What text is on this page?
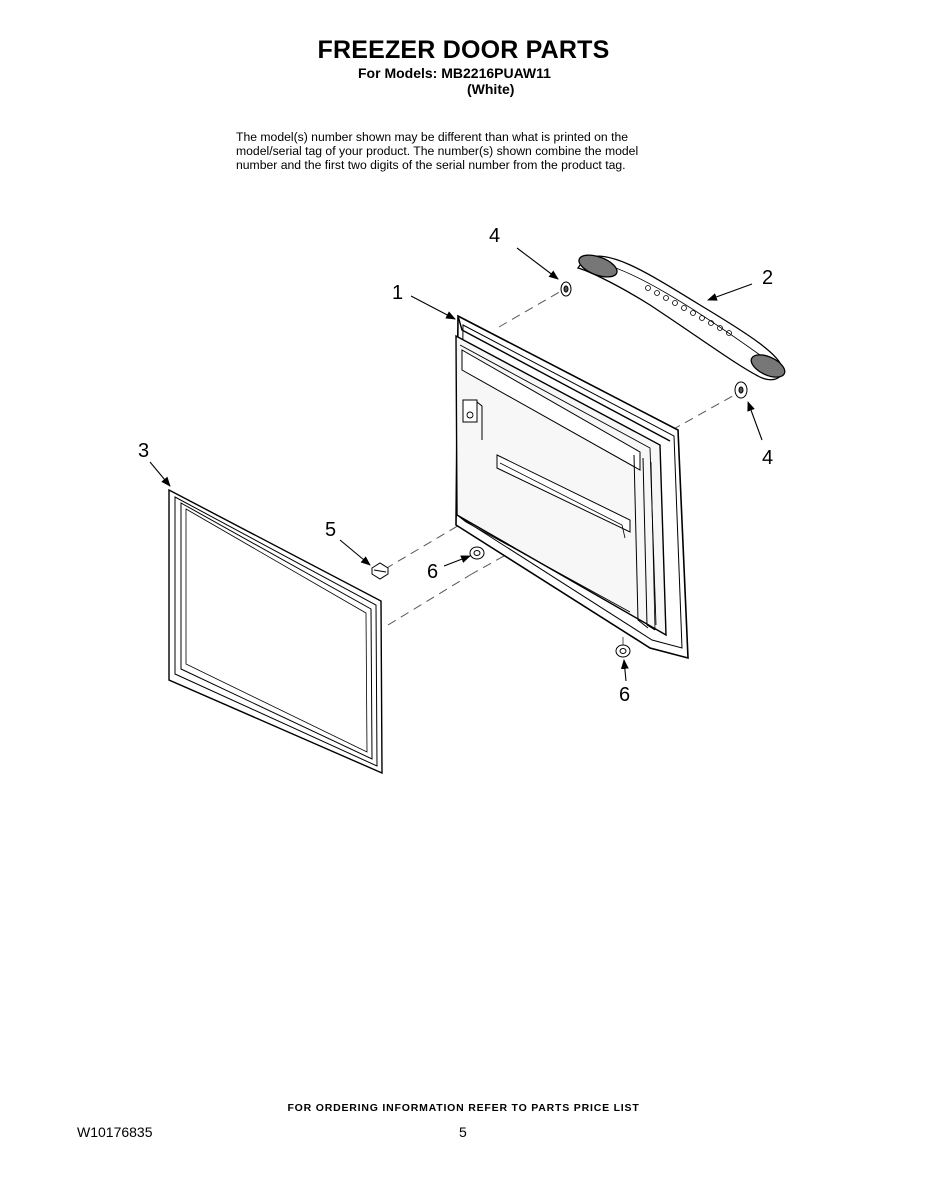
FREEZER DOOR PARTS
For Models: MB2216PUAW11
(White)
The model(s) number shown may be different than what is printed on the
model/serial tag of your product. The number(s) shown combine the model
number and the first two digits of the serial number from the product tag.
4
1
2
4
3
5
6
6
FOR ORDERING INFORMATION REFER TO PARTS PRICE LIST
W10176835	5
